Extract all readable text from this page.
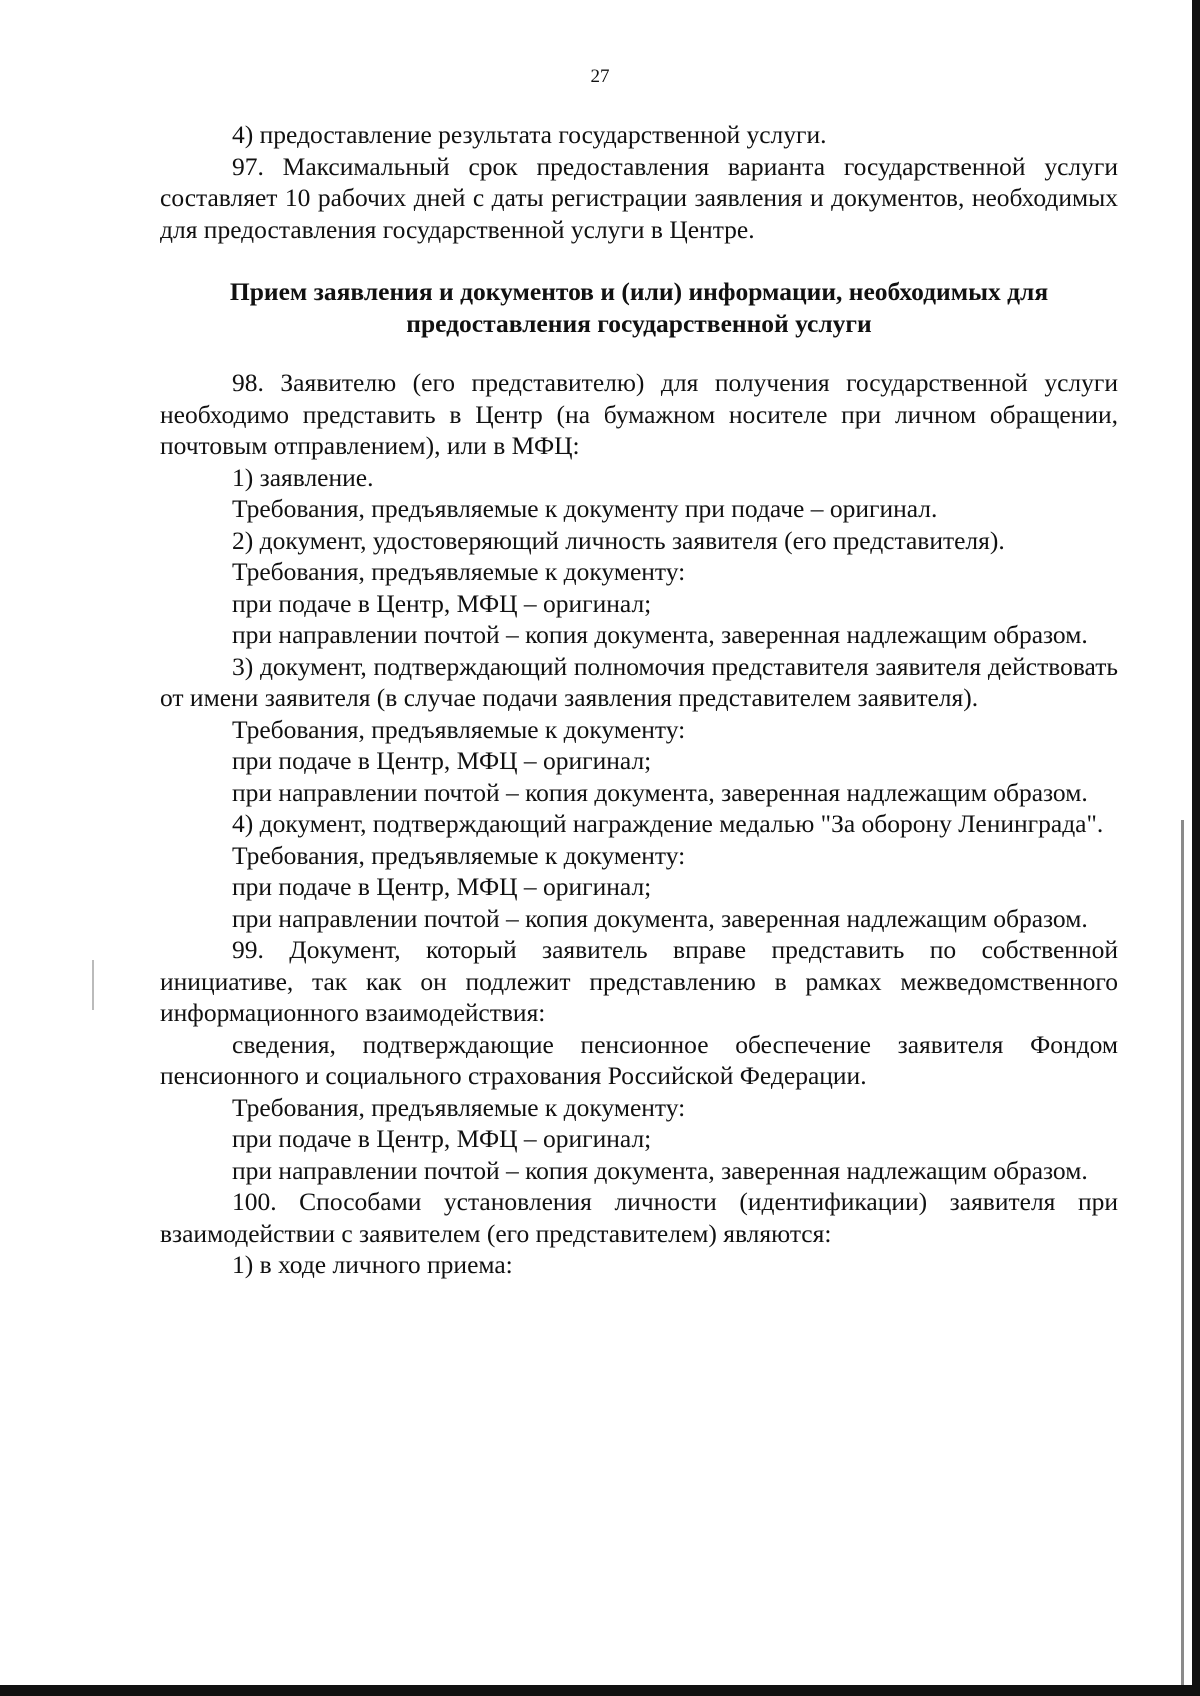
27

4) предоставление результата государственной услуги.

97. Максимальный срок предоставления варианта государственной услуги составляет 10 рабочих дней с даты регистрации заявления и документов, необходимых для предоставления государственной услуги в Центре.

Прием заявления и документов и (или) информации, необходимых для предоставления государственной услуги

98. Заявителю (его представителю) для получения государственной услуги необходимо представить в Центр (на бумажном носителе при личном обращении, почтовым отправлением), или в МФЦ:

1) заявление.

Требования, предъявляемые к документу при подаче – оригинал.

2) документ, удостоверяющий личность заявителя (его представителя).

Требования, предъявляемые к документу:

при подаче в Центр, МФЦ – оригинал;

при направлении почтой – копия документа, заверенная надлежащим образом.

3) документ, подтверждающий полномочия представителя заявителя действовать от имени заявителя (в случае подачи заявления представителем заявителя).

Требования, предъявляемые к документу:

при подаче в Центр, МФЦ – оригинал;

при направлении почтой – копия документа, заверенная надлежащим образом.

4) документ, подтверждающий награждение медалью "За оборону Ленинграда".

Требования, предъявляемые к документу:

при подаче в Центр, МФЦ – оригинал;

при направлении почтой – копия документа, заверенная надлежащим образом.

99. Документ, который заявитель вправе представить по собственной инициативе, так как он подлежит представлению в рамках межведомственного информационного взаимодействия:

сведения, подтверждающие пенсионное обеспечение заявителя Фондом пенсионного и социального страхования Российской Федерации.

Требования, предъявляемые к документу:

при подаче в Центр, МФЦ – оригинал;

при направлении почтой – копия документа, заверенная надлежащим образом.

100. Способами установления личности (идентификации) заявителя при взаимодействии с заявителем (его представителем) являются:

1) в ходе личного приема:
